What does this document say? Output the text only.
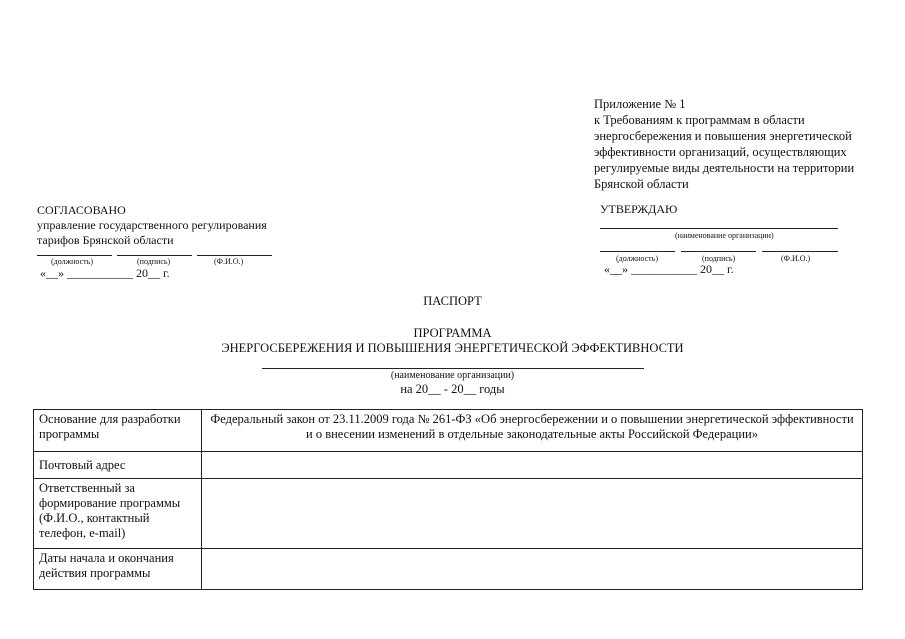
Приложение № 1
к Требованиям к программам в области
энергосбережения и повышения энергетической
эффективности организаций, осуществляющих
регулируемые виды деятельности на территории
Брянской области
СОГЛАСОВАНО
управление государственного регулирования
тарифов Брянской области
(должность)	(подпись)	(Ф.И.О.)
«__» ___________ 20__ г.
УТВЕРЖДАЮ
(наименование организации)
(должность)	(подпись)	(Ф.И.О.)
«__» ___________ 20__ г.
ПАСПОРТ
ПРОГРАММА
ЭНЕРГОСБЕРЕЖЕНИЯ И ПОВЫШЕНИЯ ЭНЕРГЕТИЧЕСКОЙ ЭФФЕКТИВНОСТИ
(наименование организации)
на 20__ - 20__ годы
Основание для разработки программы	Федеральный закон от 23.11.2009 года № 261-ФЗ «Об энергосбережении и о повышении энергетической эффективности и о внесении изменений в отдельные законодательные акты Российской Федерации»
Почтовый адрес	
Ответственный за формирование программы (Ф.И.О., контактный телефон, e-mail)	
Даты начала и окончания действия программы	
